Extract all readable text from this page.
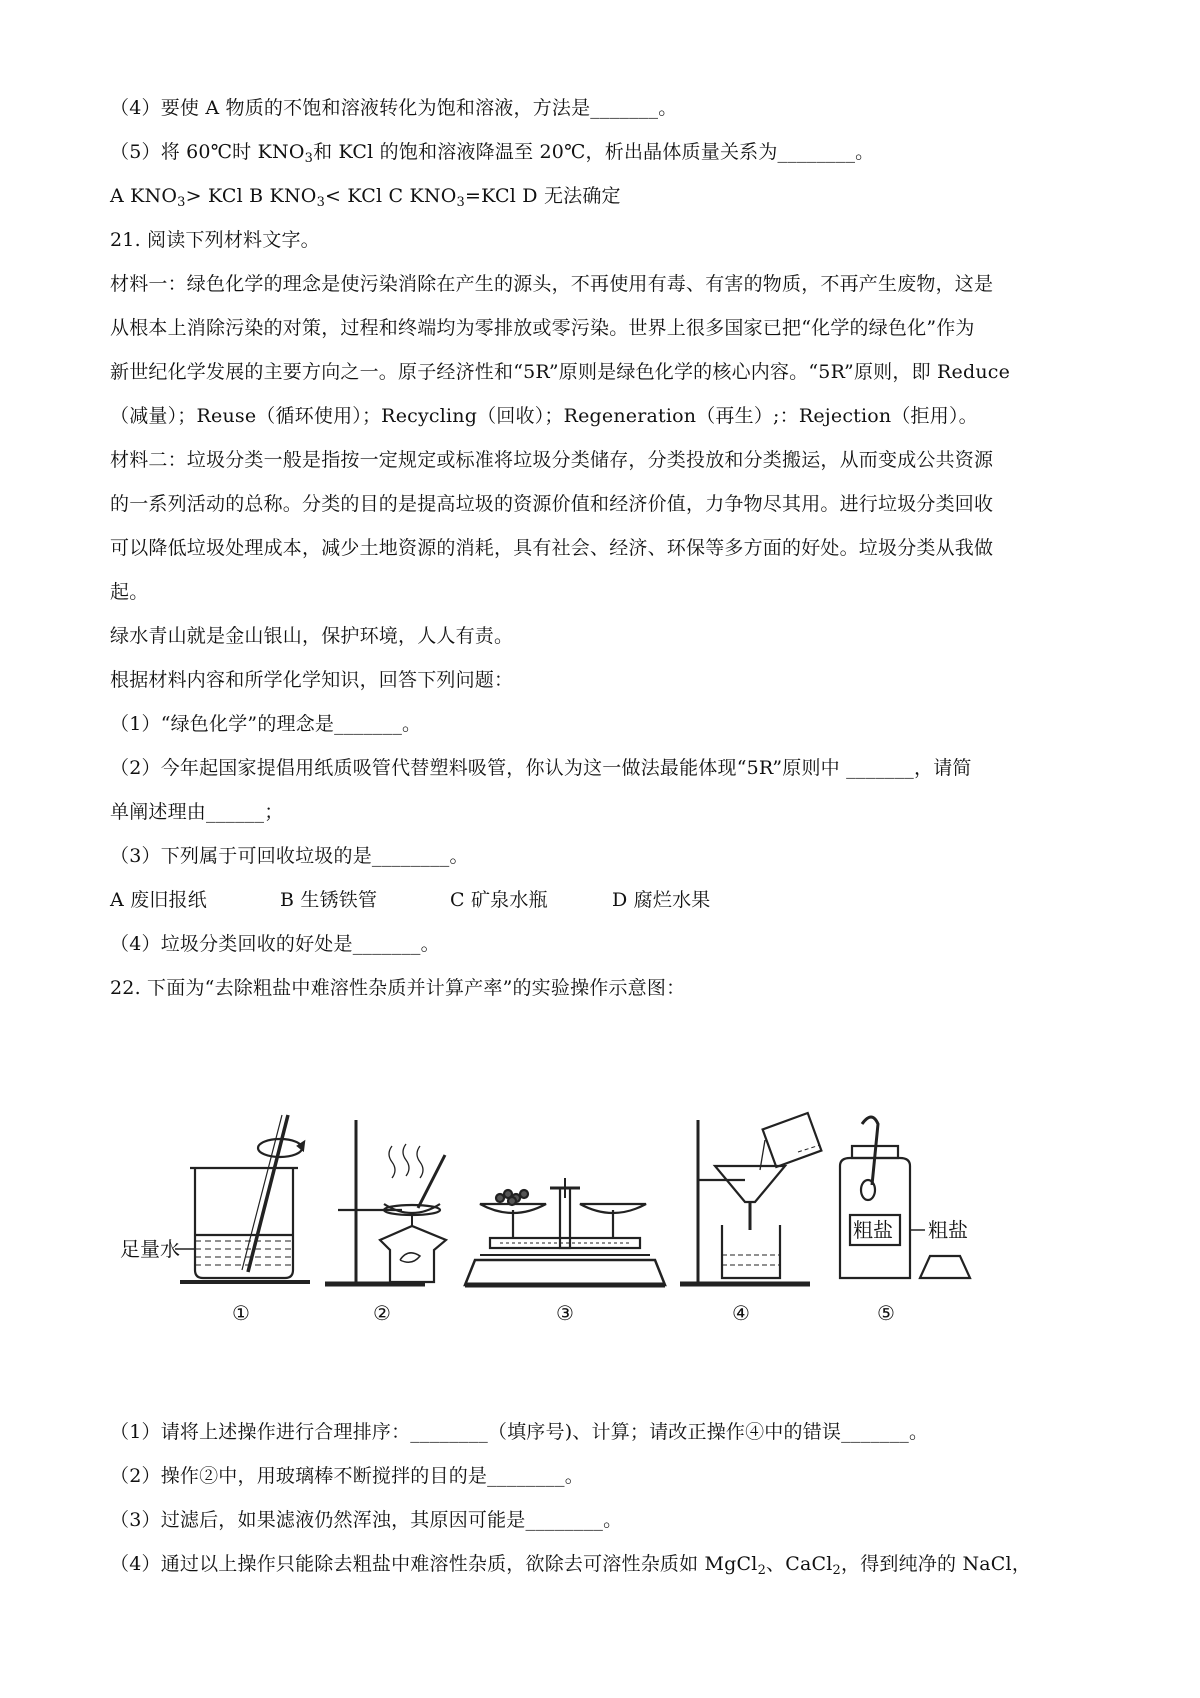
（4）要使 A 物质的不饱和溶液转化为饱和溶液，方法是_______。
（5）将 60℃时 $KNO_3$和 KCl 的饱和溶液降温至 20℃，析出晶体质量关系为________。
A $KNO_3>$ KCl B $KNO_3<$ KCl C $KNO_3=KCl$ D 无法确定
21. 阅读下列材料文字。
材料一：绿色化学的理念是使污染消除在产生的源头，不再使用有毒、有害的物质，不再产生废物，这是
从根本上消除污染的对策，过程和终端均为零排放或零污染。世界上很多国家已把“化学的绿色化”作为
新世纪化学发展的主要方向之一。原子经济性和“5R”原则是绿色化学的核心内容。“5R”原则，即 Reduce
（减量）；Reuse（循环使用）；Recycling（回收）；Regeneration（再生）;：Rejection（拒用）。
材料二：垃圾分类一般是指按一定规定或标准将垃圾分类储存，分类投放和分类搬运，从而变成公共资源
的一系列活动的总称。分类的目的是提高垃圾的资源价值和经济价值，力争物尽其用。进行垃圾分类回收
可以降低垃圾处理成本，减少土地资源的消耗，具有社会、经济、环保等多方面的好处。垃圾分类从我做
起。
绿水青山就是金山银山，保护环境，人人有责。
根据材料内容和所学化学知识，回答下列问题：
（1）“绿色化学”的理念是_______。
（2）今年起国家提倡用纸质吸管代替塑料吸管，你认为这一做法最能体现“5R”原则中 _______，请简
单阐述理由______；
（3）下列属于可回收垃圾的是________。
A 废旧报纸	B 生锈铁管	C 矿泉水瓶	D 腐烂水果
（4）垃圾分类回收的好处是_______。
22. 下面为“去除粗盐中难溶性杂质并计算产率”的实验操作示意图：
足量水
粗盐 粗盐
①	②	③	④	⑤
（1）请将上述操作进行合理排序：________（填序号)、计算；请改正操作④中的错误_______。
（2）操作②中，用玻璃棒不断搅拌的目的是________。
（3）过滤后，如果滤液仍然浑浊，其原因可能是________。
（4）通过以上操作只能除去粗盐中难溶性杂质，欲除去可溶性杂质如 MgCl$_2$、CaCl$_2$，得到纯净的 NaCl，
